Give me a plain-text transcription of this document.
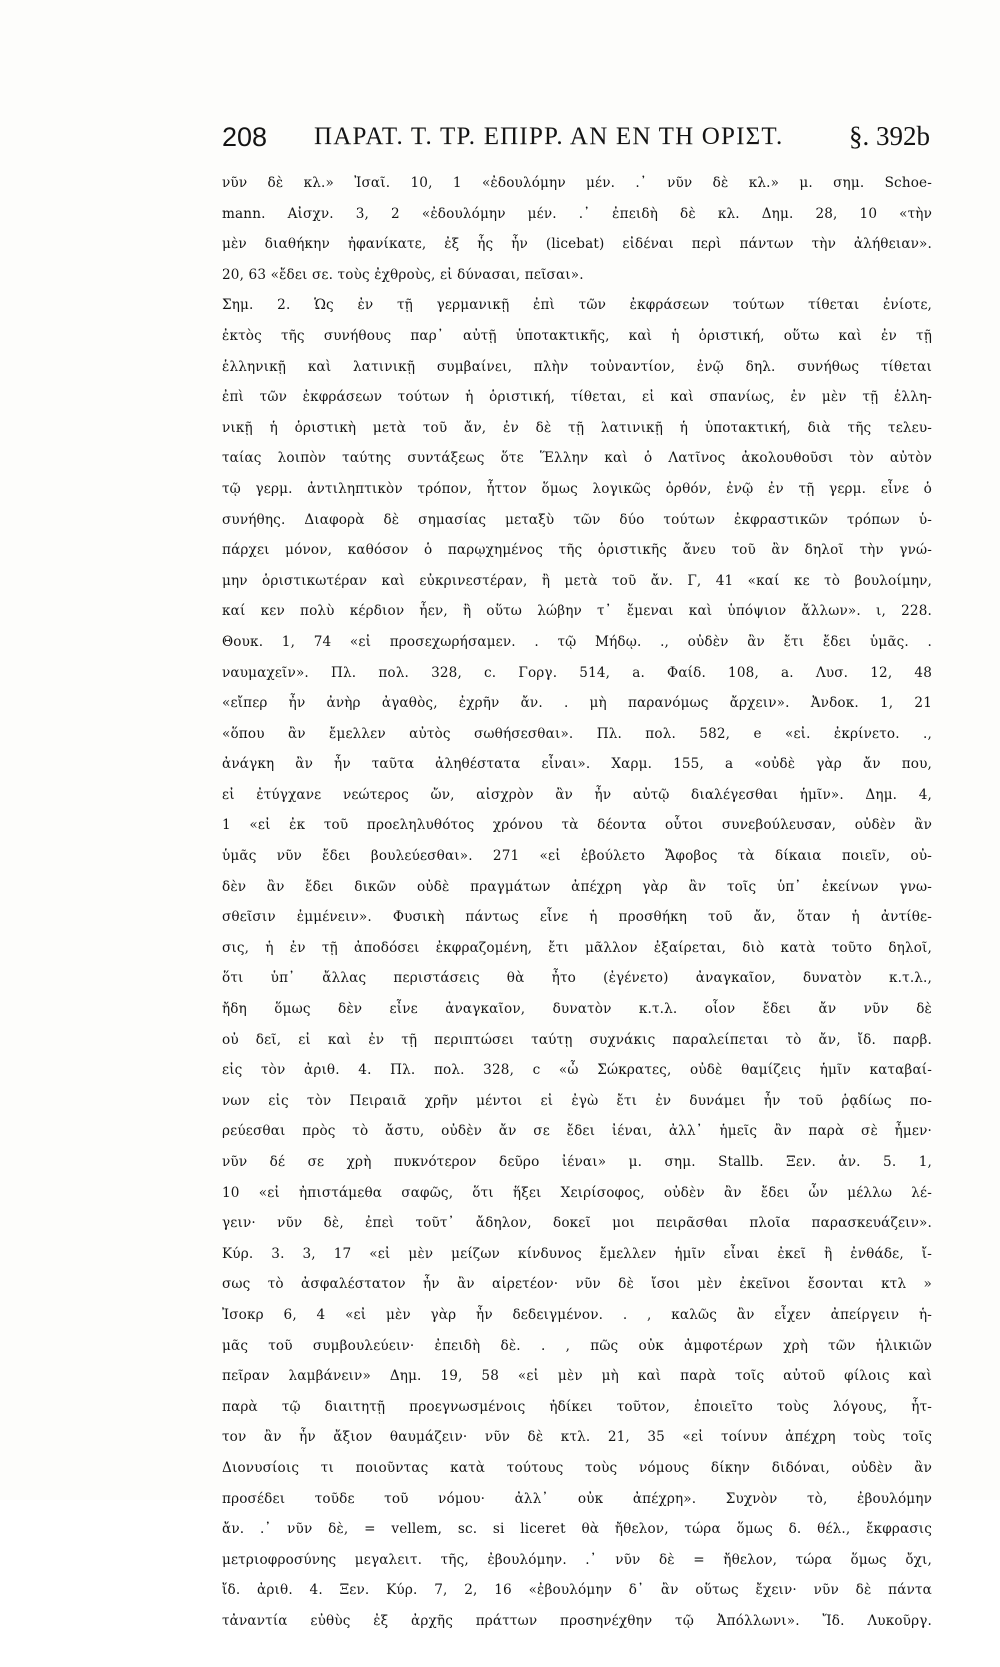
208 ΠΑΡΑΤ. Τ. ΤΡ. ΕΠΙΡΡ. ΑΝ ΕΝ ΤΗ ΟΡΙΣΤ. §. 392b
νῦν δὲ κλ.» Ἰσαῖ. 10, 1 «ἐδουλόμην μέν. .᾿ νῦν δὲ κλ.» μ. σημ. Schoe-
mann. Αἰσχν. 3, 2 «ἐδουλόμην μέν. .᾿ ἐπειδὴ δὲ κλ. Δημ. 28, 10 «τὴν
μὲν διαθήκην ἠφανίκατε, ἐξ ἧς ἦν (licebat) εἰδέναι περὶ πάντων τὴν ἀλήθειαν».
20, 63 «ἔδει σε. τοὺς ἐχθροὺς, εἰ δύνασαι, πεῖσαι».
Σημ. 2. Ὡς ἐν τῇ γερμανικῇ ἐπὶ τῶν ἐκφράσεων τούτων τίθεται ἐνίοτε,
ἐκτὸς τῆς συνήθους παρ᾿ αὐτῇ ὑποτακτικῆς, καὶ ἡ ὁριστική, οὕτω καὶ ἐν τῇ
ἑλληνικῇ καὶ λατινικῇ συμβαίνει, πλὴν τοὐναντίον, ἐνῷ δηλ. συνήθως τίθεται
ἐπὶ τῶν ἐκφράσεων τούτων ἡ ὁριστική, τίθεται, εἰ καὶ σπανίως, ἐν μὲν τῇ ἑλλη-
νικῇ ἡ ὁριστικὴ μετὰ τοῦ ἄν, ἐν δὲ τῇ λατινικῇ ἡ ὑποτακτική, διὰ τῆς τελευ-
ταίας λοιπὸν ταύτης συντάξεως ὅτε Ἕλλην καὶ ὁ Λατῖνος ἀκολουθοῦσι τὸν αὐτὸν
τῷ γερμ. ἀντιληπτικὸν τρόπον, ἧττον ὅμως λογικῶς ὀρθόν, ἐνῷ ἐν τῇ γερμ. εἶνε ὁ
συνήθης. Διαφορὰ δὲ σημασίας μεταξὺ τῶν δύο τούτων ἐκφραστικῶν τρόπων ὑ-
πάρχει μόνον, καθόσον ὁ παρῳχημένος τῆς ὁριστικῆς ἄνευ τοῦ ἂν δηλοῖ τὴν γνώ-
μην ὁριστικωτέραν καὶ εὐκρινεστέραν, ἢ μετὰ τοῦ ἄν. Γ, 41 «καί κε τὸ βουλοίμην,
καί κεν πολὺ κέρδιον ἦεν, ἢ οὕτω λώβην τ᾿ ἔμεναι καὶ ὑπόψιον ἄλλων». ι, 228.
Θουκ. 1, 74 «εἰ προσεχωρήσαμεν. . τῷ Μήδῳ. ., οὐδὲν ἂν ἔτι ἔδει ὑμᾶς. .
ναυμαχεῖν». Πλ. πολ. 328, c. Γοργ. 514, a. Φαίδ. 108, a. Λυσ. 12, 48
«εἴπερ ἦν ἀνὴρ ἀγαθὸς, ἐχρῆν ἄν. . μὴ παρανόμως ἄρχειν». Ἀνδοκ. 1, 21
«ὅπου ἂν ἔμελλεν αὐτὸς σωθήσεσθαι». Πλ. πολ. 582, e «εἰ. ἐκρίνετο. .,
ἀνάγκη ἂν ἦν ταῦτα ἀληθέστατα εἶναι». Χαρμ. 155, a «οὐδὲ γὰρ ἄν που,
εἰ ἐτύγχανε νεώτερος ὤν, αἰσχρὸν ἂν ἦν αὐτῷ διαλέγεσθαι ἡμῖν». Δημ. 4,
1 «εἰ ἐκ τοῦ προεληλυθότος χρόνου τὰ δέοντα οὗτοι συνεβούλευσαν, οὐδὲν ἂν
ὑμᾶς νῦν ἔδει βουλεύεσθαι». 271 «εἰ ἐβούλετο Ἄφοβος τὰ δίκαια ποιεῖν, οὐ-
δὲν ἂν ἔδει δικῶν οὐδὲ πραγμάτων ἀπέχρη γὰρ ἂν τοῖς ὑπ᾿ ἐκείνων γνω-
σθεῖσιν ἐμμένειν». Φυσικὴ πάντως εἶνε ἡ προσθήκη τοῦ ἄν, ὅταν ἡ ἀντίθε-
σις, ἡ ἐν τῇ ἀποδόσει ἐκφραζομένη, ἔτι μᾶλλον ἐξαίρεται, διὸ κατὰ τοῦτο δηλοῖ,
ὅτι ὑπ᾿ ἄλλας περιστάσεις θὰ ἦτο (ἐγένετο) ἀναγκαῖον, δυνατὸν κ.τ.λ.,
ἤδη ὅμως δὲν εἶνε ἀναγκαῖον, δυνατὸν κ.τ.λ. οἷον ἔδει ἄν νῦν δὲ
οὐ δεῖ, εἰ καὶ ἐν τῇ περιπτώσει ταύτῃ συχνάκις παραλείπεται τὸ ἄν, ἴδ. παρβ.
εἰς τὸν ἀριθ. 4. Πλ. πολ. 328, c «ὦ Σώκρατες, οὐδὲ θαμίζεις ἡμῖν καταβαί-
νων εἰς τὸν Πειραιᾶ χρῆν μέντοι εἰ ἐγὼ ἔτι ἐν δυνάμει ἦν τοῦ ῥᾳδίως πο-
ρεύεσθαι πρὸς τὸ ἄστυ, οὐδὲν ἄν σε ἔδει ἰέναι, ἀλλ᾿ ἡμεῖς ἂν παρὰ σὲ ἦμεν·
νῦν δέ σε χρὴ πυκνότερον δεῦρο ἰέναι» μ. σημ. Stallb. Ξεν. ἀν. 5. 1,
10 «εἰ ἠπιστάμεθα σαφῶς, ὅτι ἥξει Χειρίσοφος, οὐδὲν ἂν ἔδει ὧν μέλλω λέ-
γειν· νῦν δὲ, ἐπεὶ τοῦτ᾿ ἄδηλον, δοκεῖ μοι πειρᾶσθαι πλοῖα παρασκευάζειν».
Κύρ. 3. 3, 17 «εἰ μὲν μείζων κίνδυνος ἔμελλεν ἡμῖν εἶναι ἐκεῖ ἢ ἐνθάδε, ἴ-
σως τὸ ἀσφαλέστατον ἦν ἂν αἱρετέον· νῦν δὲ ἴσοι μὲν ἐκεῖνοι ἔσονται κτλ »
Ἰσοκρ 6, 4 «εἰ μὲν γὰρ ἦν δεδειγμένον. . , καλῶς ἂν εἶχεν ἀπείργειν ἡ-
μᾶς τοῦ συμβουλεύειν· ἐπειδὴ δὲ. . , πῶς οὐκ ἀμφοτέρων χρὴ τῶν ἡλικιῶν
πεῖραν λαμβάνειν» Δημ. 19, 58 «εἰ μὲν μὴ καὶ παρὰ τοῖς αὐτοῦ φίλοις καὶ
παρὰ τῷ διαιτητῇ προεγνωσμένοις ἠδίκει τοῦτον, ἐποιεῖτο τοὺς λόγους, ἧτ-
τον ἂν ἦν ἄξιον θαυμάζειν· νῦν δὲ κτλ. 21, 35 «εἰ τοίνυν ἀπέχρη τοὺς τοῖς
Διονυσίοις τι ποιοῦντας κατὰ τούτους τοὺς νόμους δίκην διδόναι, οὐδὲν ἂν
προσέδει τοῦδε τοῦ νόμου· ἀλλ᾿ οὐκ ἀπέχρη». Συχνὸν τὸ, ἐβουλόμην
ἄν. .᾿ νῦν δὲ, = vellem, sc. si liceret θὰ ἤθελον, τώρα ὅμως δ. θέλ., ἔκφρασις
μετριοφροσύνης μεγαλειτ. τῆς, ἐβουλόμην. .᾿ νῦν δὲ = ἤθελον, τώρα ὅμως ὄχι,
ἴδ. ἀριθ. 4. Ξεν. Κύρ. 7, 2, 16 «ἐβουλόμην δ᾿ ἂν οὕτως ἔχειν· νῦν δὲ πάντα
τἀναντία εὐθὺς ἐξ ἀρχῆς πράττων προσηνέχθην τῷ Ἀπόλλωνι». Ἴδ. Λυκοῦργ.
